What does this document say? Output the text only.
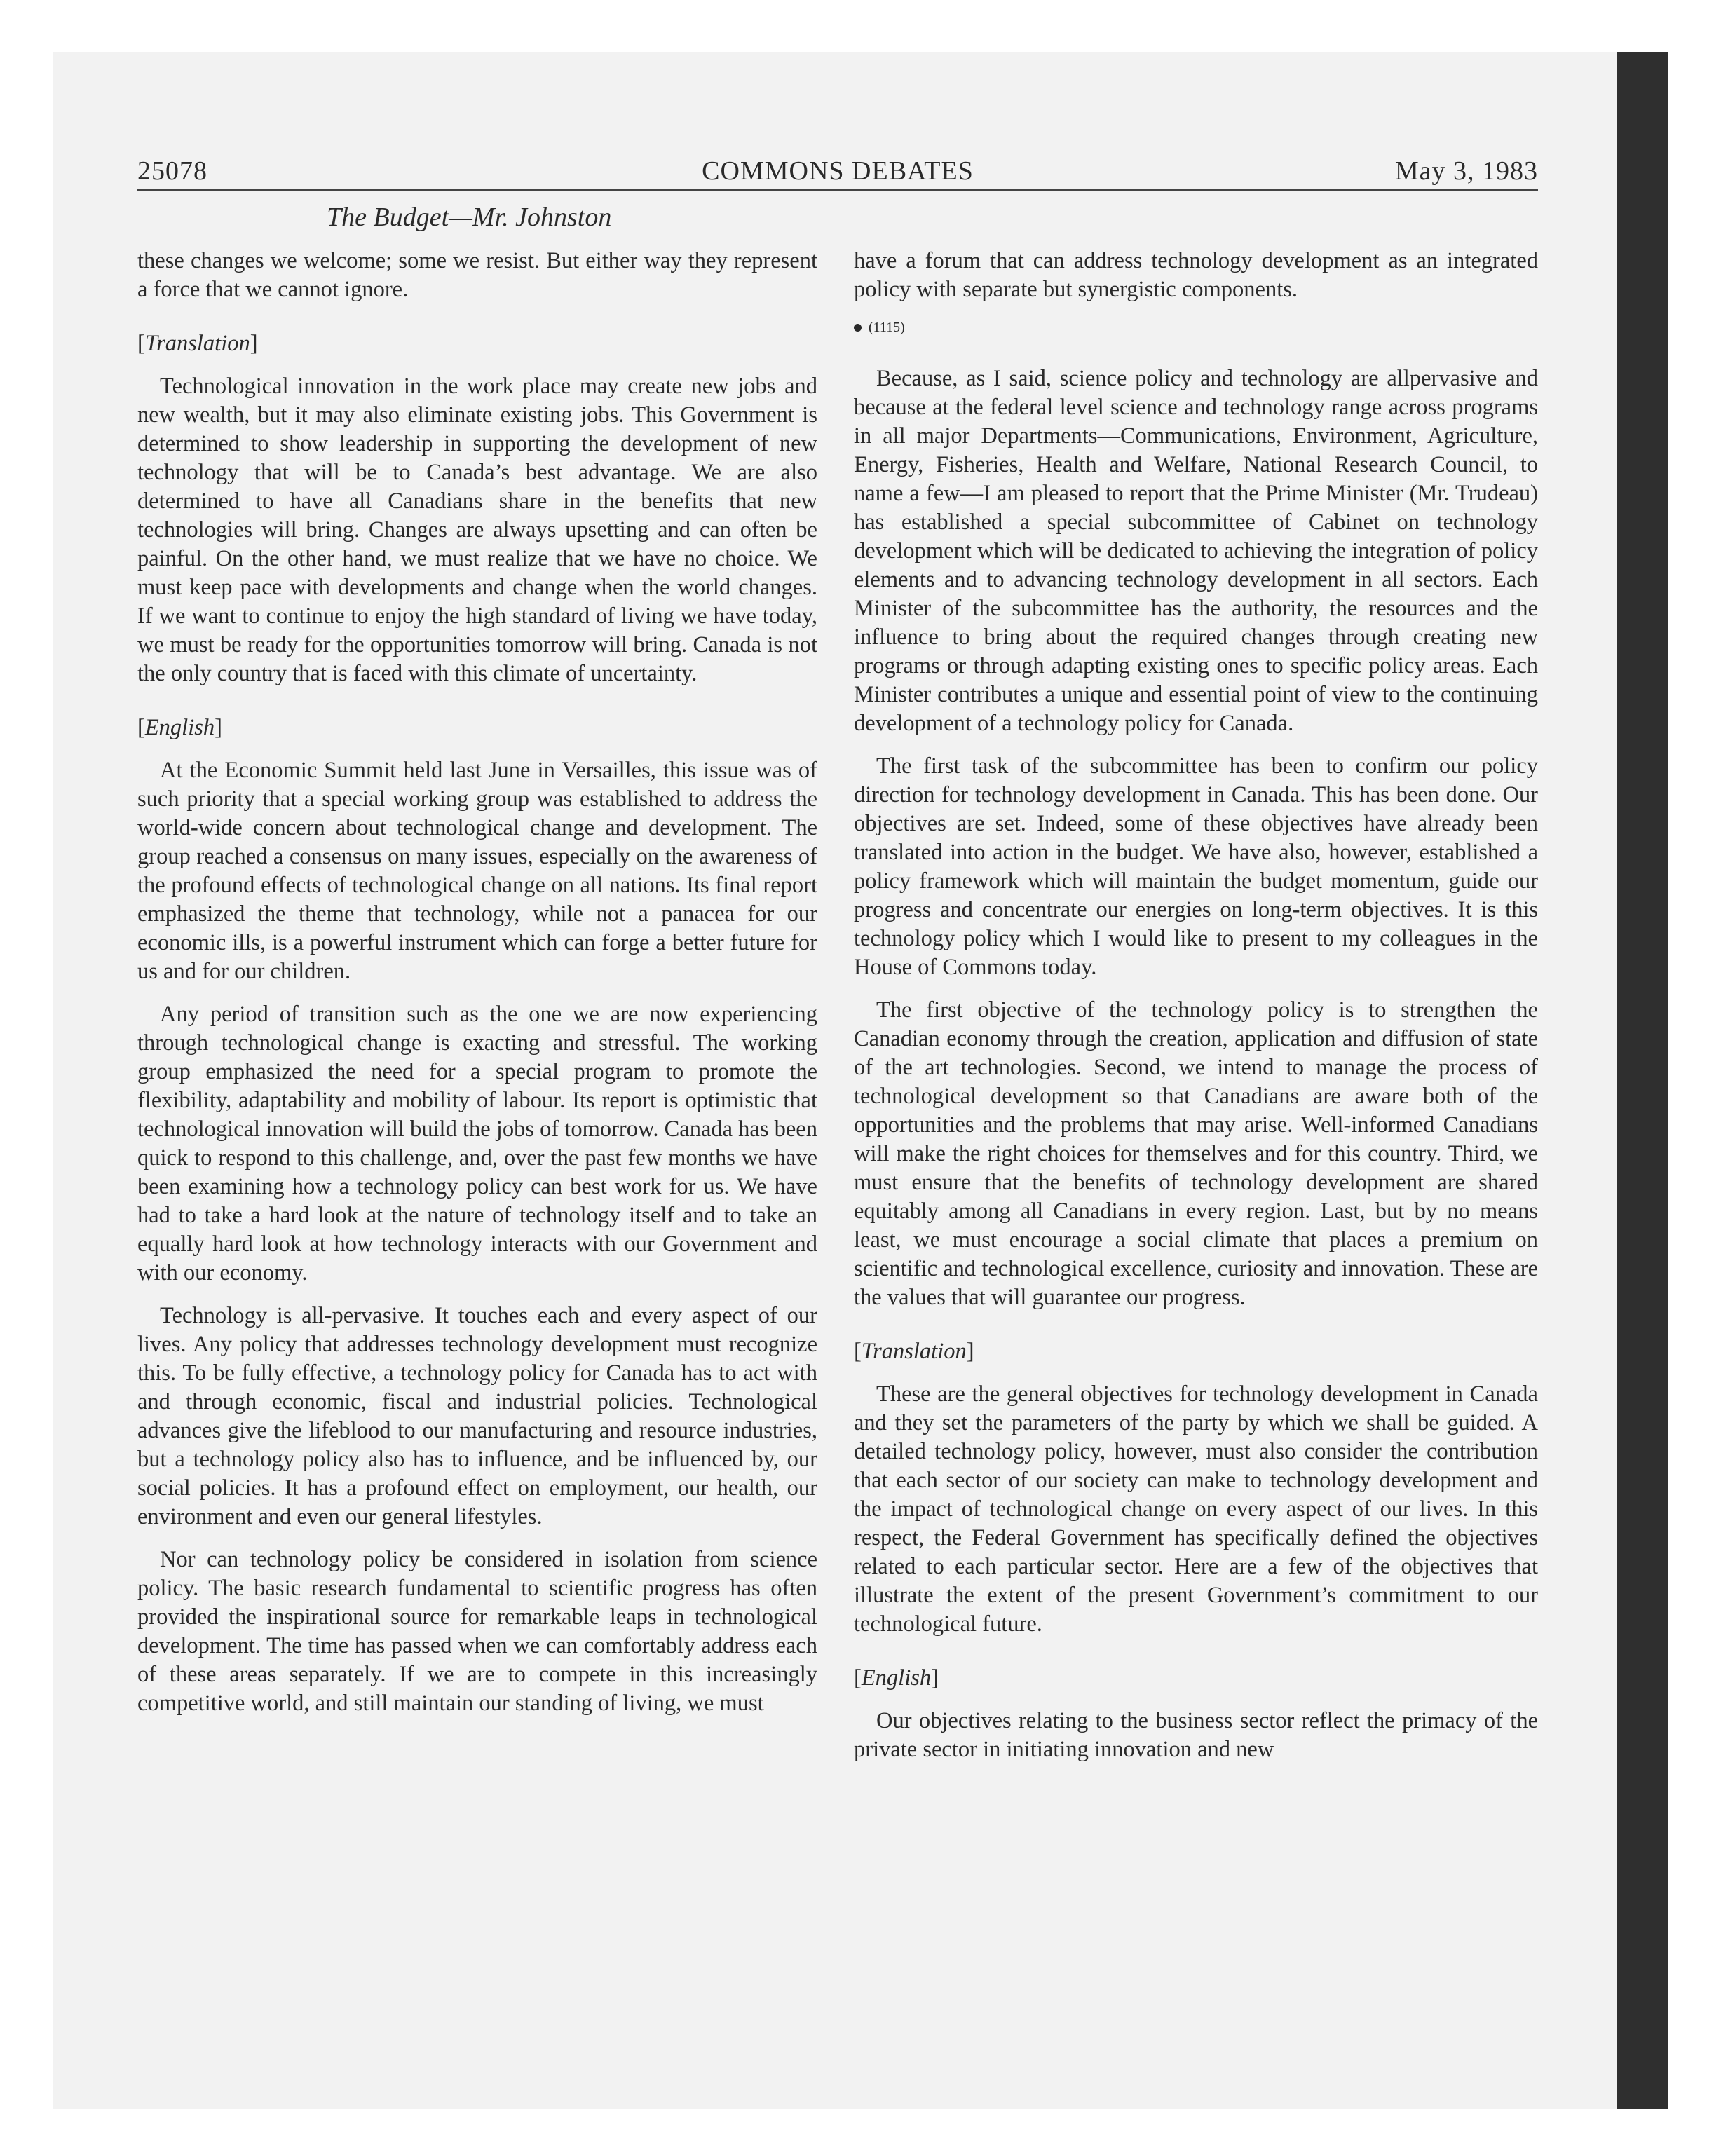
25078	COMMONS DEBATES	May 3, 1983
The Budget—Mr. Johnston

these changes we welcome; some we resist. But either way they represent a force that we cannot ignore.

[Translation]

Technological innovation in the work place may create new jobs and new wealth, but it may also eliminate existing jobs. This Government is determined to show leadership in supporting the development of new technology that will be to Canada’s best advantage. We are also determined to have all Canadians share in the benefits that new technologies will bring. Changes are always upsetting and can often be painful. On the other hand, we must realize that we have no choice. We must keep pace with developments and change when the world changes. If we want to continue to enjoy the high standard of living we have today, we must be ready for the opportunities tomorrow will bring. Canada is not the only country that is faced with this climate of uncertainty.

[English]

At the Economic Summit held last June in Versailles, this issue was of such priority that a special working group was established to address the world-wide concern about technological change and development. The group reached a consensus on many issues, especially on the awareness of the profound effects of technological change on all nations. Its final report emphasized the theme that technology, while not a panacea for our economic ills, is a powerful instrument which can forge a better future for us and for our children.

Any period of transition such as the one we are now experiencing through technological change is exacting and stressful. The working group emphasized the need for a special program to promote the flexibility, adaptability and mobility of labour. Its report is optimistic that technological innovation will build the jobs of tomorrow. Canada has been quick to respond to this challenge, and, over the past few months we have been examining how a technology policy can best work for us. We have had to take a hard look at the nature of technology itself and to take an equally hard look at how technology interacts with our Government and with our economy.

Technology is all-pervasive. It touches each and every aspect of our lives. Any policy that addresses technology development must recognize this. To be fully effective, a technology policy for Canada has to act with and through economic, fiscal and industrial policies. Technological advances give the lifeblood to our manufacturing and resource industries, but a technology policy also has to influence, and be influenced by, our social policies. It has a profound effect on employment, our health, our environment and even our general lifestyles.

Nor can technology policy be considered in isolation from science policy. The basic research fundamental to scientific progress has often provided the inspirational source for remarkable leaps in technological development. The time has passed when we can comfortably address each of these areas separately. If we are to compete in this increasingly competitive world, and still maintain our standing of living, we must

have a forum that can address technology development as an integrated policy with separate but synergistic components.

(1115)

Because, as I said, science policy and technology are allpervasive and because at the federal level science and technology range across programs in all major Departments—Communications, Environment, Agriculture, Energy, Fisheries, Health and Welfare, National Research Council, to name a few—I am pleased to report that the Prime Minister (Mr. Trudeau) has established a special subcommittee of Cabinet on technology development which will be dedicated to achieving the integration of policy elements and to advancing technology development in all sectors. Each Minister of the subcommittee has the authority, the resources and the influence to bring about the required changes through creating new programs or through adapting existing ones to specific policy areas. Each Minister contributes a unique and essential point of view to the continuing development of a technology policy for Canada.

The first task of the subcommittee has been to confirm our policy direction for technology development in Canada. This has been done. Our objectives are set. Indeed, some of these objectives have already been translated into action in the budget. We have also, however, established a policy framework which will maintain the budget momentum, guide our progress and concentrate our energies on long-term objectives. It is this technology policy which I would like to present to my colleagues in the House of Commons today.

The first objective of the technology policy is to strengthen the Canadian economy through the creation, application and diffusion of state of the art technologies. Second, we intend to manage the process of technological development so that Canadians are aware both of the opportunities and the problems that may arise. Well-informed Canadians will make the right choices for themselves and for this country. Third, we must ensure that the benefits of technology development are shared equitably among all Canadians in every region. Last, but by no means least, we must encourage a social climate that places a premium on scientific and technological excellence, curiosity and innovation. These are the values that will guarantee our progress.

[Translation]

These are the general objectives for technology development in Canada and they set the parameters of the party by which we shall be guided. A detailed technology policy, however, must also consider the contribution that each sector of our society can make to technology development and the impact of technological change on every aspect of our lives. In this respect, the Federal Government has specifically defined the objectives related to each particular sector. Here are a few of the objectives that illustrate the extent of the present Government’s commitment to our technological future.

[English]

Our objectives relating to the business sector reflect the primacy of the private sector in initiating innovation and new
